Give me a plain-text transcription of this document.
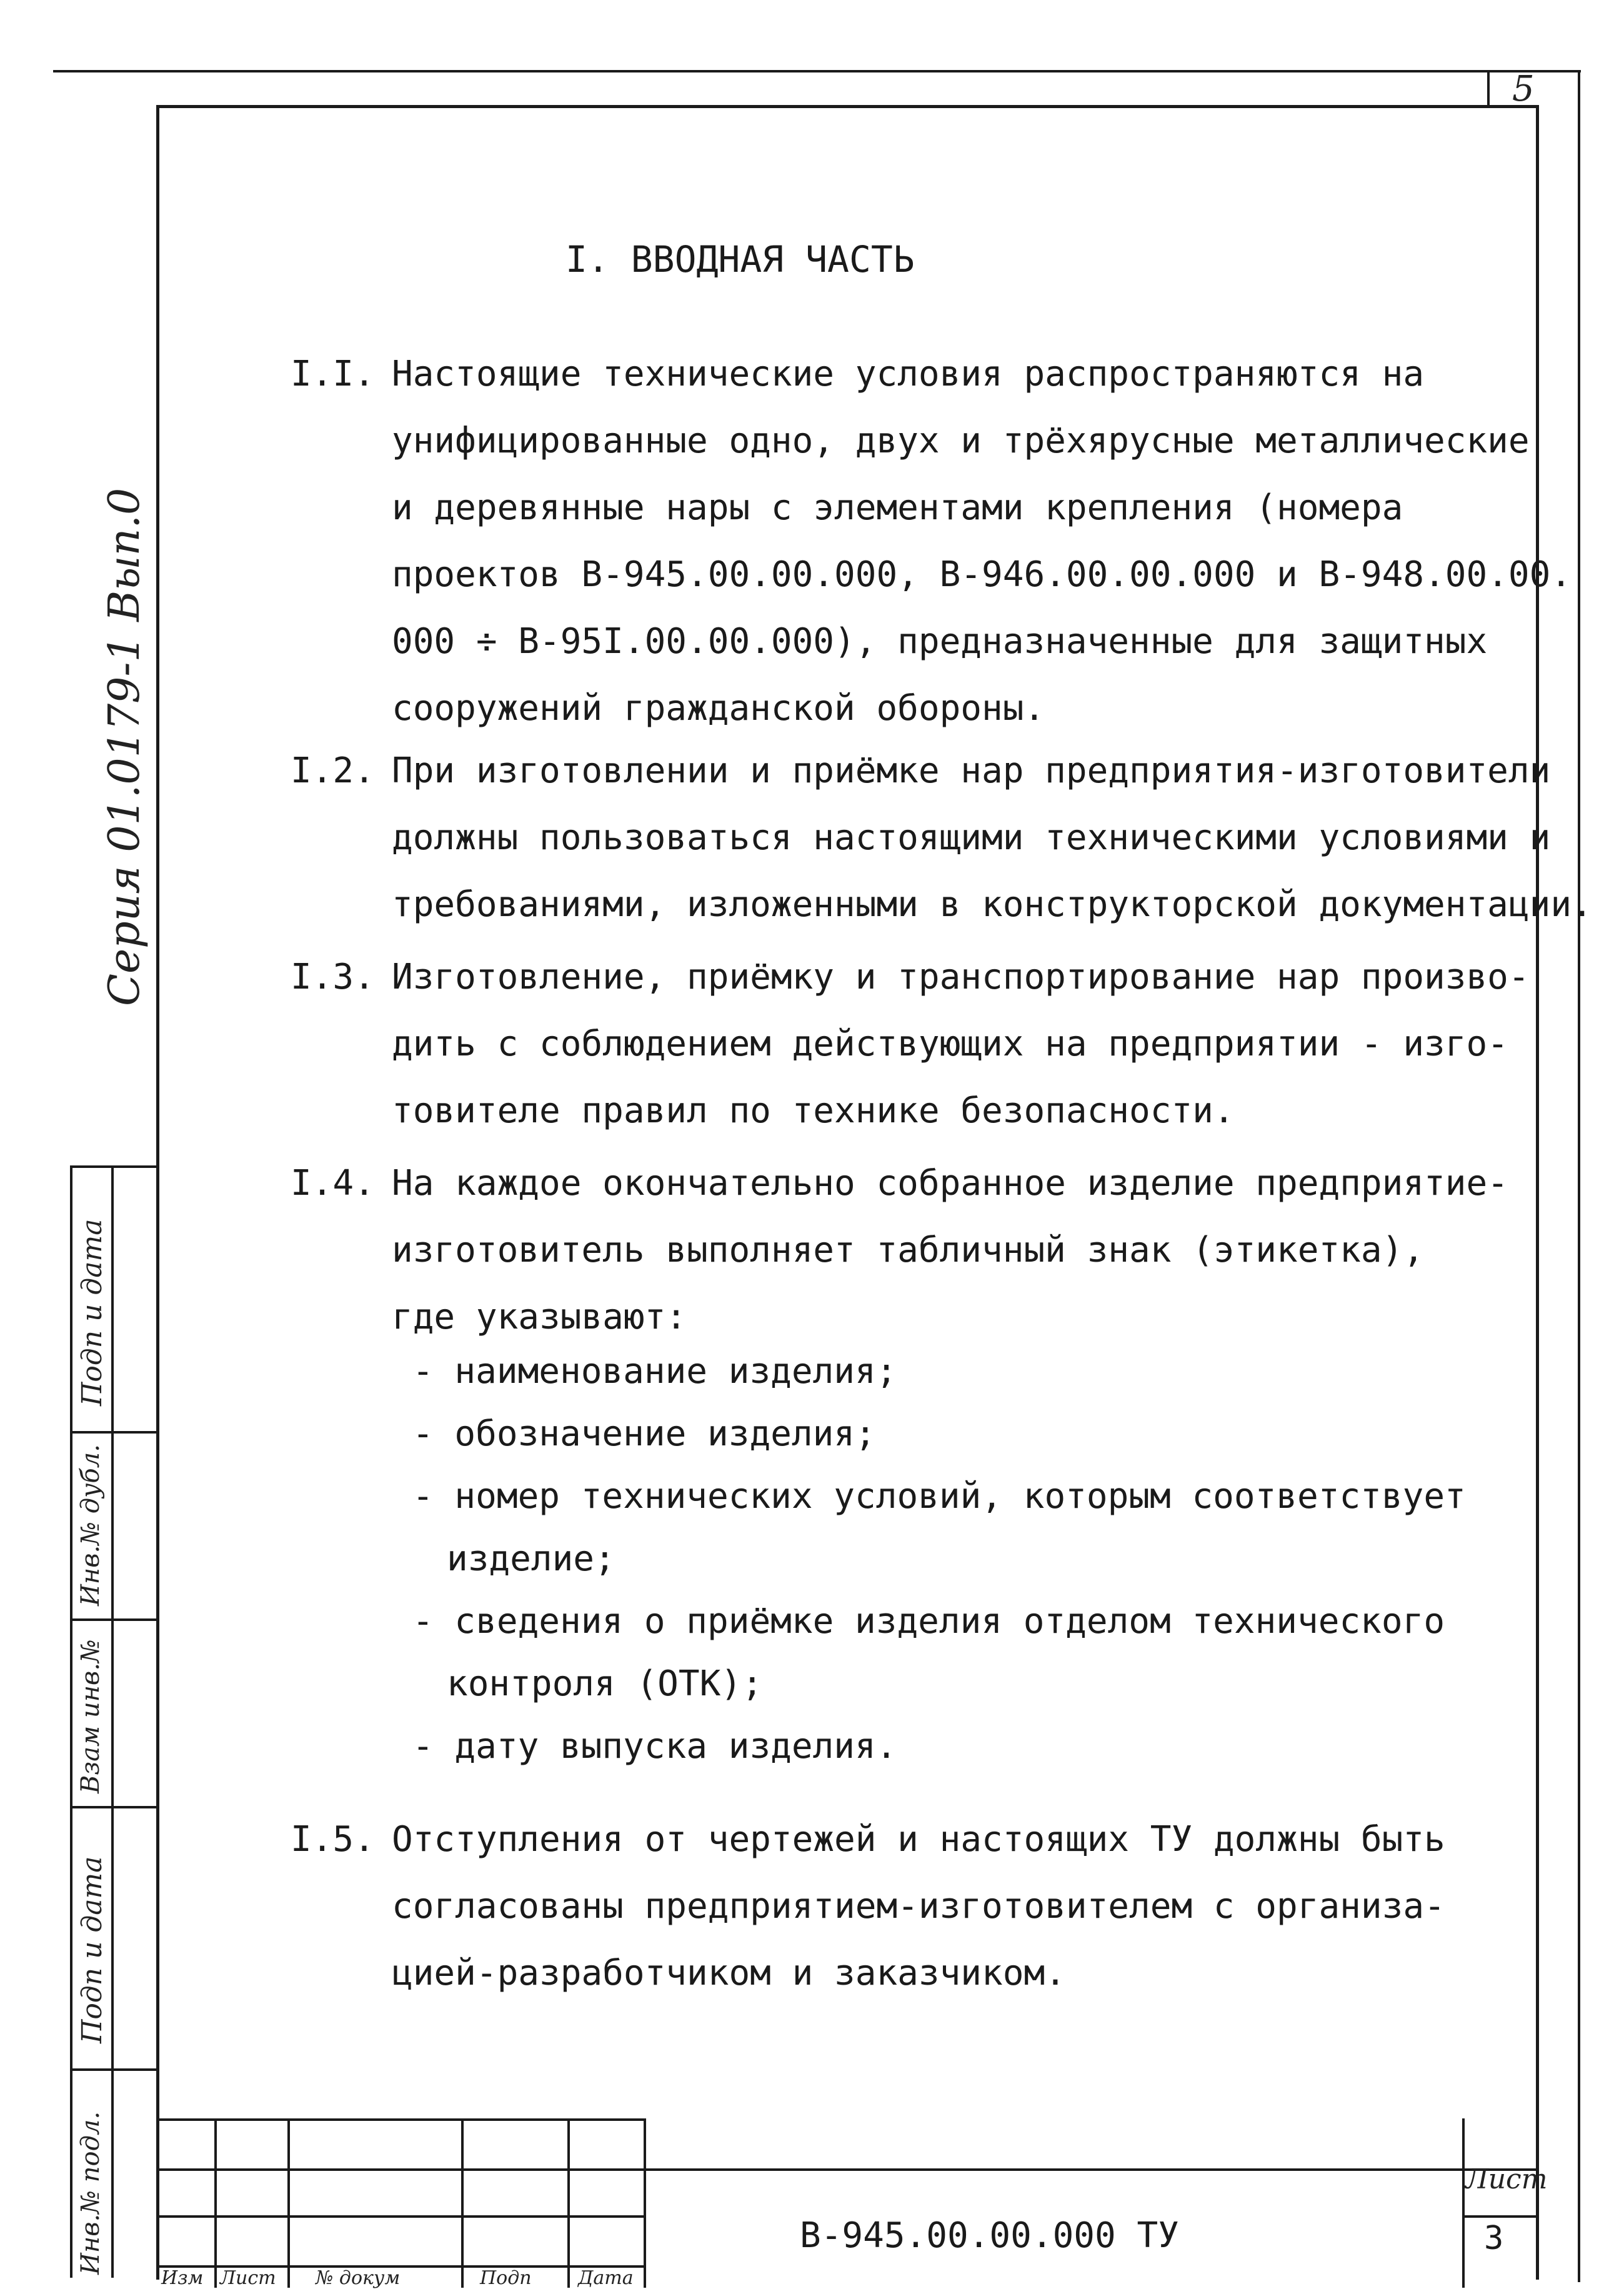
5
Серия 01.0179-1 Вып.0
Подп и дата
Инв.№ дубл.
Взам инв.№
Подп и дата
Инв.№ подл.
I. ВВОДНАЯ ЧАСТЬ
I.I. Настоящие технические условия распространяются на
унифицированные одно, двух и трёхярусные металлические
и деревянные нары с элементами крепления (номера
проектов В-945.00.00.000, В-946.00.00.000 и В-948.00.00.
000 ÷ В-95I.00.00.000), предназначенные для защитных
сооружений гражданской обороны.
I.2. При изготовлении и приёмке нар предприятия-изготовители
должны пользоваться настоящими техническими условиями и
требованиями, изложенными в конструкторской документации.
I.3. Изготовление, приёмку и транспортирование нар произво-
дить с соблюдением действующих на предприятии - изго-
товителе правил по технике безопасности.
I.4. На каждое окончательно собранное изделие предприятие-
изготовитель выполняет табличный знак (этикетка),
где указывают:
- наименование изделия;
- обозначение изделия;
- номер технических условий, которым соответствует
изделие;
- сведения о приёмке изделия отделом технического
контроля (ОТК);
- дату выпуска изделия.
I.5. Отступления от чертежей и настоящих ТУ должны быть
согласованы предприятием-изготовителем с организа-
цией-разработчиком и заказчиком.
Изм Лист № докум	Подп Дата
В-945.00.00.000 ТУ
Лист
3
